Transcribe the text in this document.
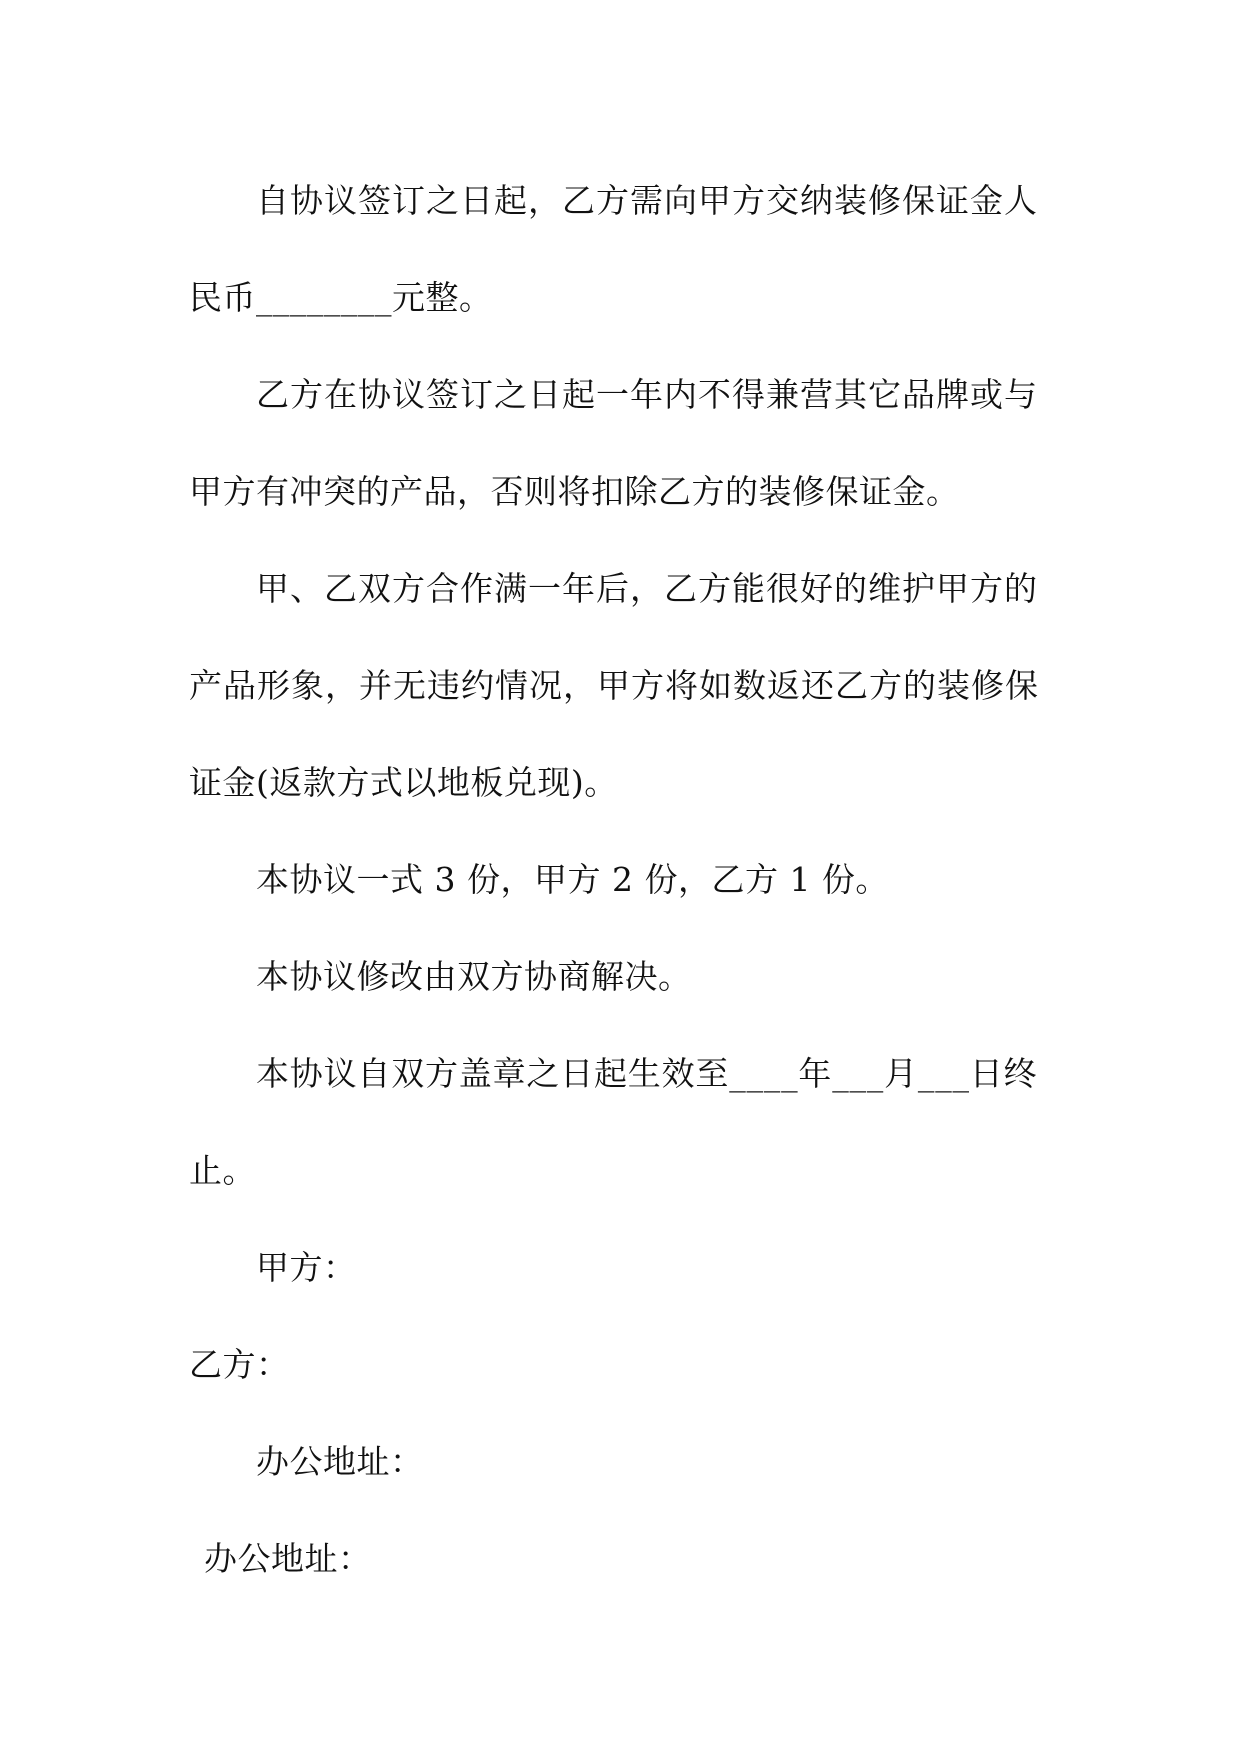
自协议签订之日起，乙方需向甲方交纳装修保证金人
民币________元整。
乙方在协议签订之日起一年内不得兼营其它品牌或与
甲方有冲突的产品，否则将扣除乙方的装修保证金。
甲、乙双方合作满一年后，乙方能很好的维护甲方的
产品形象，并无违约情况，甲方将如数返还乙方的装修保
证金(返款方式以地板兑现)。
本协议一式 3 份，甲方 2 份，乙方 1 份。
本协议修改由双方协商解决。
本协议自双方盖章之日起生效至____年___月___日终
止。
甲方：
乙方：
办公地址：
办公地址：
